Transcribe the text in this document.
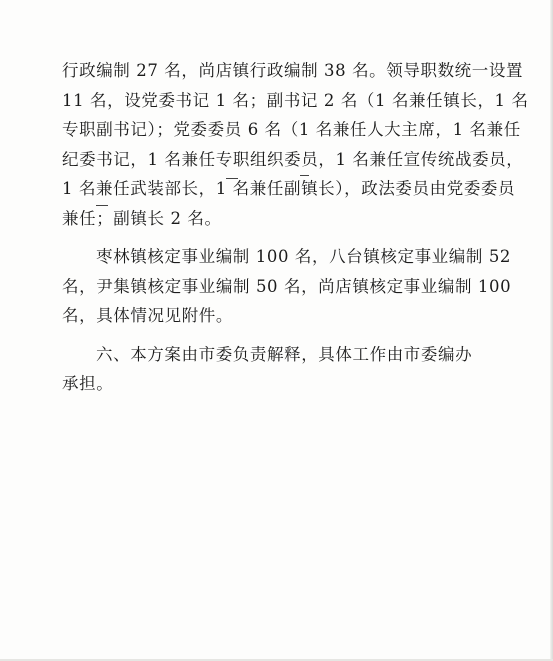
行政编制 27 名，尚店镇行政编制 38 名。领导职数统一设置
11 名，设党委书记 1 名；副书记 2 名（1 名兼任镇长，1 名
专职副书记）；党委委员 6 名（1 名兼任人大主席，1 名兼任
纪委书记，1 名兼任专职组织委员，1 名兼任宣传统战委员，
1 名兼任武装部长，1 名兼任副镇长），政法委员由党委委员
兼任；副镇长 2 名。
枣林镇核定事业编制 100 名，八台镇核定事业编制 52
名，尹集镇核定事业编制 50 名，尚店镇核定事业编制 100
名，具体情况见附件。
六、本方案由市委负责解释，具体工作由市委编办
承担。
